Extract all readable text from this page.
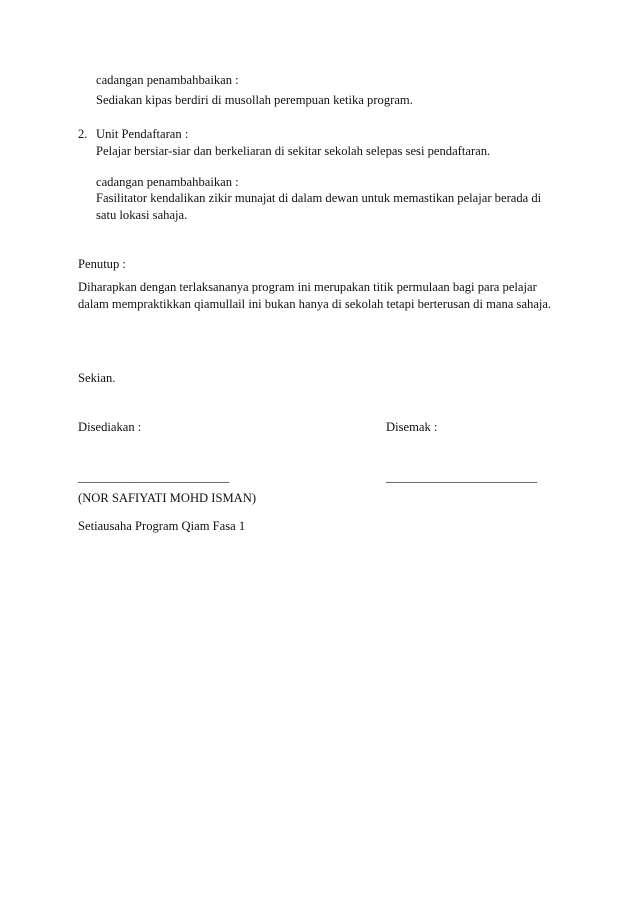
cadangan penambahbaikan :
Sediakan kipas berdiri di musollah perempuan ketika program.
2. Unit Pendaftaran :
Pelajar bersiar-siar dan berkeliaran di sekitar sekolah selepas sesi pendaftaran.
cadangan penambahbaikan :
Fasilitator kendalikan zikir munajat di dalam dewan untuk memastikan pelajar berada di
satu lokasi sahaja.
Penutup :
Diharapkan dengan terlaksananya program ini merupakan titik permulaan bagi para pelajar
dalam mempraktikkan qiamullail ini bukan hanya di sekolah tetapi berterusan di mana sahaja.
Sekian.
Disediakan :	Disemak :
________________________	________________________
(NOR SAFIYATI MOHD ISMAN)
Setiausaha Program Qiam Fasa 1
